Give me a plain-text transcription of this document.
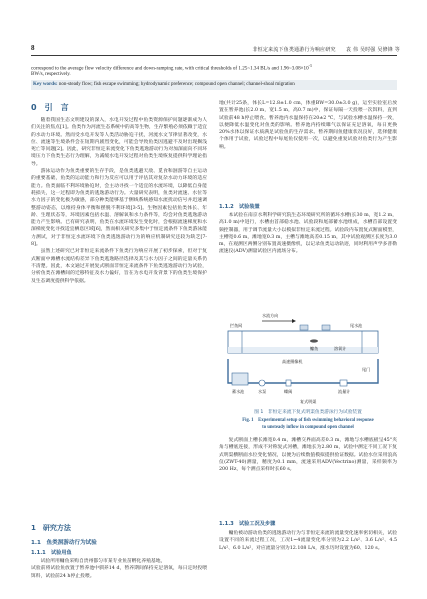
8	非恒定来流下鱼类通游行为响应研究　　袁 伟 吴时强 吴修锋 等
correspond to the average flow velocity difference and down-ramping rate, with critical thresholds of 1.25~1.34 BL/s and $1.96\sim 3.08\times 10^{-3}$
BW/s, respectively.
Key words: non-steady flow; fish escape swimming; hydrodynamic preference; compound open channel; channel-shoal migration
0　引　言

随着我国生态文明建设的深入，水电开发过程中鱼类资源保护问题逐渐成为人们关注的焦点[1]。鱼类作为河流生态系统中的高等生物，生存繁殖必须依赖于适宜的水动力环境。然而受水电开发等人类活动胁迫干扰，河流水文节律显著改变，水位、流速等生境条件会在短期内剧烈变化，可能会导致鱼类因逃避不及时出现搁浅死亡等问题[2]。因此，研究非恒定来流变化下鱼类逃逸游动行为对加深面向不同环境压力下鱼类生态行为理解，为减缓水电开发过程对鱼类生境恢复提供科学理论指导。

游泳运动作为鱼类重要的生存手段，是鱼类逃避天敌、觅食和洄游等自主运动的重要基础，鱼类的运动能力和行为反应可以用于评估其对复杂水动力环境的适应能力。鱼类面临不利环境胁迫时，会主动寻找一个适宜的水流环境，以降低自身能耗损失，这一过程即为鱼类的逃逸游动行为。大量研究表明，鱼类对流速、水位等水力因子的变化极为敏感，部分种类能够基于侧线系统感知水流扰动信号并迅速调整游动姿态，以维持身体平衡和摆脱不利环境[3-5]。生物因素包括鱼类体长、年龄、生理状态等，环境因素包括水温、溶解氧和水力条件等，均会对鱼类逃逸游动能力产生影响。已有研究表明，鱼类在水流环境发生变化时，会根据流速梯度和水深梯度变化寻找适宜栖息区域[6]，然而相关研究多集中于恒定流条件下鱼类游泳能力测试，对于非恒定水流环境下鱼类逃逸游动行为的响应机制研究还较为缺乏[7-8]。

虽然上述研究已对非恒定来流条件下鱼类行为响应开展了初步探索，但对于复式断面中滩槽水流结构差异下鱼类逃逸路径选择及其与水力因子之间的定量关系仍不清楚。因此，本文通过开展复式断面非恒定来流条件下鱼类逃逸游动行为试验，分析鱼类在滩槽间的迁移特征及水力偏好，旨在为水电开发背景下的鱼类生境保护及生态调度提供科学依据。

1　研究方法
1.1　鱼类洄游动行为试验
1.1.1　试验用鱼

试验所用鳙鱼采购自贵州都匀市某专业鱼苗孵化养殖基地，

试验前将试验鱼放置于暂养池中驯养14 d，暂养期间保持充足溶氧，每日定时投喂饵料，试验前24 h停止投喂。

地(共计25条，体长L=12.8±1.0 cm，体重BW=30.0±3.0 g)，运至实验室后放置在暂养池(长2.0 m，宽1.5 m，高0.7 m)中，保证每隔一天投喂一次饵料，直到试验前48 h停止喂食。暂养池内水温保持在20±2 ℃，与试验水槽水温保持一致，以便降低水温变化对鱼类的影响。暂养池内持续曝气以保证充足溶氧，每日更换20%水体以保证水质满足试验鱼的生存需求。暂养期间鱼健康状况良好，选择健康个体用于试验，试验过程中每尾鱼仅使用一次，以避免重复试验对鱼类行为产生影响。

1.1.2　试验装置

本试验在南京水利科学研究院生态环境研究所的循环水槽(长30 m，宽1.2 m，高1.0 m)中进行，水槽由首部稳水池、试验段和尾部蓄水池组成，水槽首部设置变频控制器，用于调节流量大小以模拟非恒定来流过程。试验段内布置复式断面模型，主槽宽0.6 m，滩地宽0.3 m，主槽与滩地高差0.15 m，其中试验观测区长度为3.0 m，在观测区两侧分别布置高速摄像机，以记录鱼类运动轨迹，同时利用声学多普勒流速仪(ADV)测量试验区内流场分布。

水流方向
尾水池
拦鱼网
鳙鱼	溶氧计
高速摄像机
蝶阀
水泵
蓄水池
复式明渠
尾门
流量计
图 1　非恒定来流下复式明渠鱼类游泳行为试验装置
Fig. 1　Experimental setup of fish swimming behavioral response
to unsteady inflow in compound open channel

复式断面上槽长滩宽0.4 m，滩槽交界面高差0.3 m，滩地与水槽底板呈45°夹角与槽底连接，形成不对称复式河槽，滩地长为2.80 m，试验中测定不同工况下复式明渠横断面水位变化情况，以便为后续数值模拟提供验证数据。试验水位采用浪高仪(ZWT-40)测量，精度为0.1 mm，流速采用ADV(Vectrino)测量，采样频率为200 Hz，每个测点采样时长60 s。

1.1.3　试验工况及步骤

鳙鱼被动游动鱼类的逃逸游动行为与非恒定来流的流量变化速率密切相关，试验设置不同的来流过程工况，工况1~4流量变化率分别为2.2 L/s²、3.6 L/s²、4.5 L/s²、6.0 L/s²，对应流量分别为12.108 L/s，涨水历时设置为60、120 s。
